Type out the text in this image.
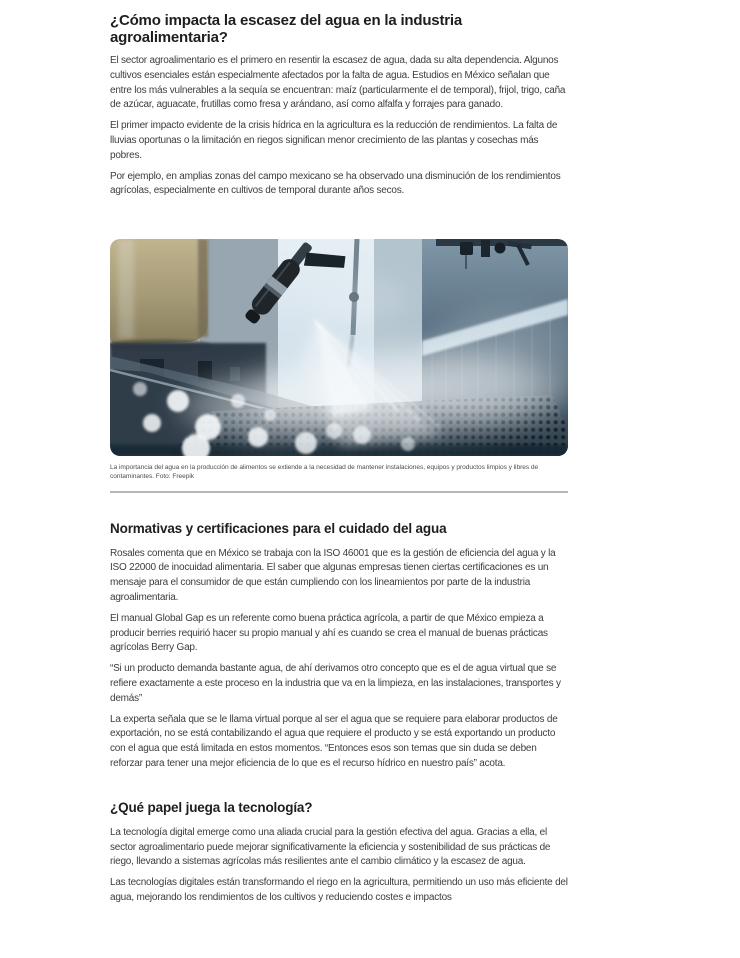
¿Cómo impacta la escasez del agua en la industria agroalimentaria?

El sector agroalimentario es el primero en resentir la escasez de agua, dada su alta dependencia. Algunos cultivos esenciales están especialmente afectados por la falta de agua. Estudios en México señalan que entre los más vulnerables a la sequía se encuentran: maíz (particularmente el de temporal), frijol, trigo, caña de azúcar, aguacate, frutillas como fresa y arándano, así como alfalfa y forrajes para ganado.

El primer impacto evidente de la crisis hídrica en la agricultura es la reducción de rendimientos. La falta de lluvias oportunas o la limitación en riegos significan menor crecimiento de las plantas y cosechas más pobres.

Por ejemplo, en amplias zonas del campo mexicano se ha observado una disminución de los rendimientos agrícolas, especialmente en cultivos de temporal durante años secos.

La importancia del agua en la producción de alimentos se extiende a la necesidad de mantener instalaciones, equipos y productos limpios y libres de contaminantes. Foto: Freepik
Normativas y certificaciones para el cuidado del agua

Rosales comenta que en México se trabaja con la ISO 46001 que es la gestión de eficiencia del agua y la ISO 22000 de inocuidad alimentaria. El saber que algunas empresas tienen ciertas certificaciones es un mensaje para el consumidor de que están cumpliendo con los lineamientos por parte de la industria agroalimentaria.

El manual Global Gap es un referente como buena práctica agrícola, a partir de que México empieza a producir berries requirió hacer su propio manual y ahí es cuando se crea el manual de buenas prácticas agrícolas Berry Gap.

“Si un producto demanda bastante agua, de ahí derivamos otro concepto que es el de agua virtual que se refiere exactamente a este proceso en la industria que va en la limpieza, en las instalaciones, transportes y demás”

La experta señala que se le llama virtual porque al ser el agua que se requiere para elaborar productos de exportación, no se está contabilizando el agua que requiere el producto y se está exportando un producto con el agua que está limitada en estos momentos. “Entonces esos son temas que sin duda se deben reforzar para tener una mejor eficiencia de lo que es el recurso hídrico en nuestro país” acota.

¿Qué papel juega la tecnología?

La tecnología digital emerge como una aliada crucial para la gestión efectiva del agua. Gracias a ella, el sector agroalimentario puede mejorar significativamente la eficiencia y sostenibilidad de sus prácticas de riego, llevando a sistemas agrícolas más resilientes ante el cambio climático y la escasez de agua.

Las tecnologías digitales están transformando el riego en la agricultura, permitiendo un uso más eficiente del agua, mejorando los rendimientos de los cultivos y reduciendo costes e impactos
